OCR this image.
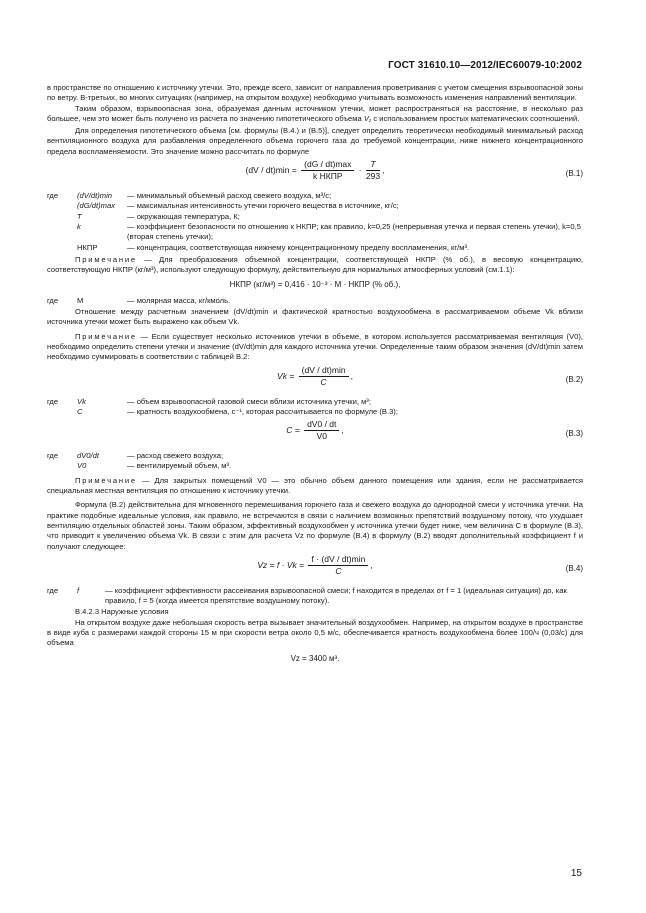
ГОСТ 31610.10—2012/IEC60079-10:2002

в пространстве по отношению к источнику утечки. Это, прежде всего, зависит от направления проветривания с учетом смещения взрывоопасной зоны по ветру. В-третьих, во многих ситуациях (например, на открытом воздухе) необходимо учитывать возможность изменения направлений вентиляции.

Таким образом, взрывоопасная зона, образуемая данным источником утечки, может распространяться на расстояние, в несколько раз большее, чем это может быть получено из расчета по значению гипотетического объема $V_z$ с использованием простых математических соотношений.

Для определения гипотетического объема [см. формулы (В.4.) и (В.5)], следует определить теоретически необходимый минимальный расход вентиляционного воздуха для разбавления определенного объема горючего газа до требуемой концентрации, ниже нижнего концентрационного предела воспламеняемости. Это значение можно рассчитать по формуле

$(dV / dt)\min = \frac{(dG / dt)\max}{\text{k НКПР}} \cdot \frac{T}{293}$ ,	(В.1)
где	(dV/dt)min	— минимальный объемный расход свежего воздуха, м³/с;
	(dG/dt)max	— максимальная интенсивность утечки горючего вещества в источнике, кг/с;
	T	— окружающая температура, К;
	k	— коэффициент безопасности по отношению к НКПР; как правило, k=0,25 (непрерывная утечка и первая степень утечки), k=0,5 (вторая степень утечки);
	НКПР	— концентрация, соответствующая нижнему концентрационному пределу воспламенения, кг/м³.

Примечание — Для преобразования объемной концентрации, соответствующей НКПР (% об.), в весовую концентрацию, соответствующую НКПР (кг/м³), используют следующую формулу, действительную для нормальных атмосферных условий (см.1.1):

НКПР (кг/м³) = 0,416 · 10⁻³ · M · НКПР (% об.),
где	M	— молярная масса, кг/кмоль.

Отношение между расчетным значением (dV/dt)min и фактической кратностью воздухообмена в рассматриваемом объеме Vk вблизи источника утечки может быть выражено как объем Vk.

Примечание — Если существует несколько источников утечки в объеме, в котором используется рассматриваемая вентиляция (V0), необходимо определить степени утечки и значение (dV/dt)min для каждого источника утечки. Определенные таким образом значения (dV/dt)min затем необходимо суммировать в соответствии с таблицей В.2:

$Vk = \frac{(dV / dt)\min}{C}$ ,	(В.2)
где	Vk	— объем взрывоопасной газовой смеси вблизи источника утечки, м³;
	C	— кратность воздухообмена, с⁻¹, которая рассчитывается по формуле (В.3);
$C = \frac{dV0 / dt}{V0}$ ,	(В.3)
где	dV0/dt	— расход свежего воздуха;
	V0	— вентилируемый объем, м³.

Примечание — Для закрытых помещений V0 — это обычно объем данного помещения или здания, если не рассматривается специальная местная вентиляция по отношению к источнику утечки.

Формула (В.2) действительна для мгновенного перемешивания горючего газа и свежего воздуха до однородной смеси у источника утечки. На практике подобные идеальные условия, как правило, не встречаются в связи с наличием возможных препятствий воздушному потоку, что ухудшает вентиляцию отдельных областей зоны. Таким образом, эффективный воздухообмен у источника утечки будет ниже, чем величина C в формуле (В.3), что приводит к увеличению объема Vk. В связи с этим для расчета Vz по формуле (В.4) в формулу (В.2) вводят дополнительный коэффициент f и получают следующее:

$Vz = f \cdot Vk = \frac{f \cdot (dV / dt)\min}{C}$ ,	(В.4)
где	f	— коэффициент эффективности рассеивания взрывоопасной смеси; f находится в пределах от f = 1 (идеальная ситуация) до, как правило, f = 5 (когда имеется препятствие воздушному потоку).

В.4.2.3 Наружные условия

На открытом воздухе даже небольшая скорость ветра вызывает значительный воздухообмен. Например, на открытом воздухе в пространстве в виде куба с размерами каждой стороны 15 м при скорости ветра около 0,5 м/с, обеспечивается кратность воздухообмена более 100/ч (0,03/с) для объема

Vz = 3400 м³.
15
